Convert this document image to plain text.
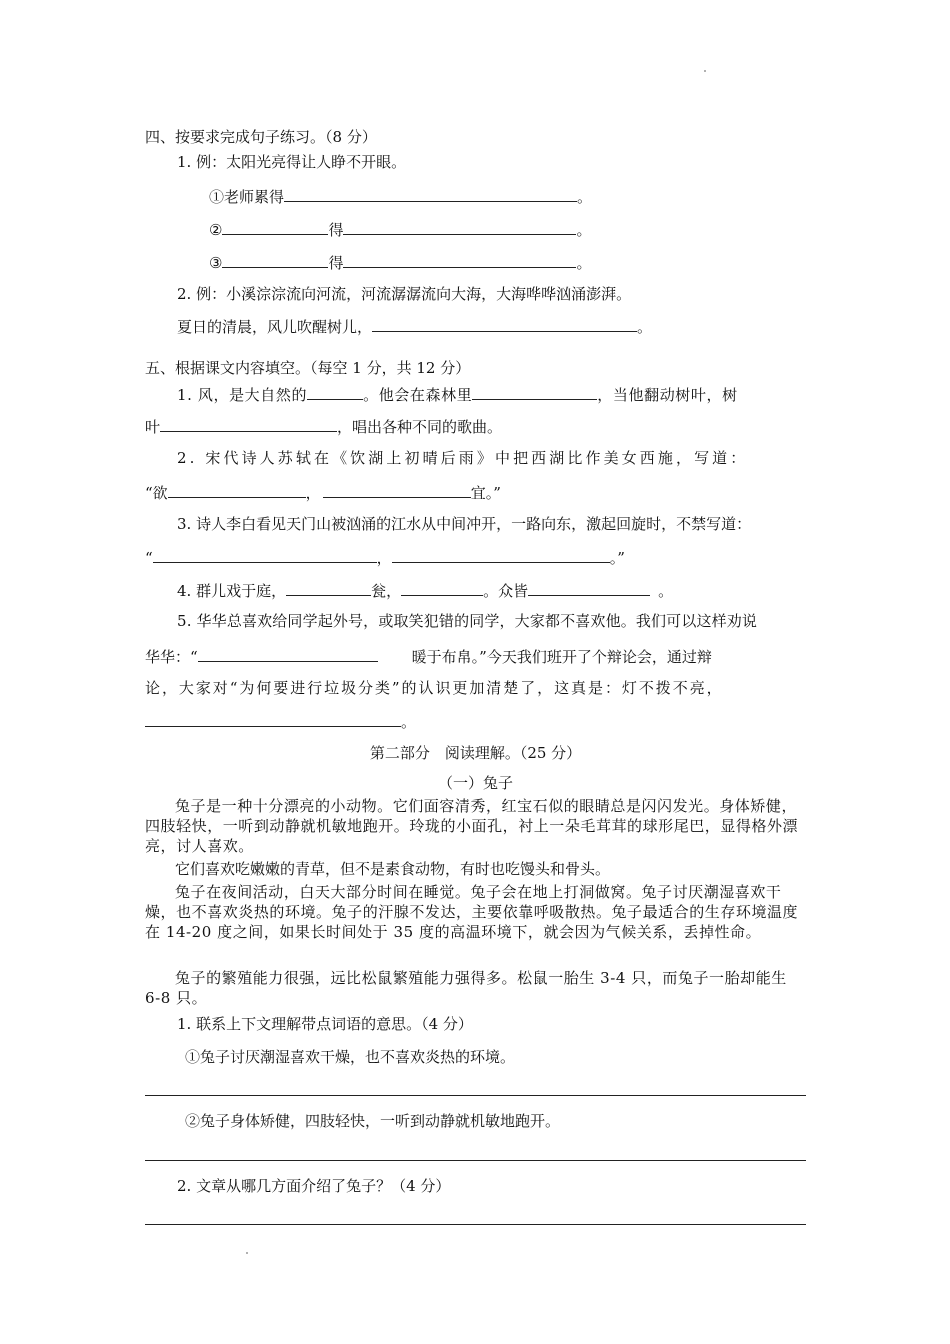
四、按要求完成句子练习。（8 分）
1. 例：太阳光亮得让人睁不开眼。
①老师累得	。
②	得	。
③	得	。
2. 例：小溪淙淙流向河流，河流潺潺流向大海，大海哗哗汹涌澎湃。
夏日的清晨，风儿吹醒树儿，	。
五、根据课文内容填空。（每空 1 分，共 12 分）
1. 风，是大自然的	。他会在森林里	，当他翻动树叶，树
叶	，唱出各种不同的歌曲。
2. 宋代诗人苏轼在《饮湖上初晴后雨》中把西湖比作美女西施，写道：
“欲	，	宜。”
3. 诗人李白看见天门山被汹涌的江水从中间冲开，一路向东，激起回旋时，不禁写道：
“	，	。”
4. 群儿戏于庭，	瓮，	。众皆	。
5. 华华总喜欢给同学起外号，或取笑犯错的同学，大家都不喜欢他。我们可以这样劝说
华华：“	暖于布帛。”今天我们班开了个辩论会，通过辩
论，大家对“为何要进行垃圾分类”的认识更加清楚了，这真是：灯不拨不亮，
。
第二部分　阅读理解。（25 分）
（一）兔子
兔子是一种十分漂亮的小动物。它们面容清秀，红宝石似的眼睛总是闪闪发光。身体矫健，四肢轻快，一听到动静就机敏地跑开。玲珑的小面孔，衬上一朵毛茸茸的球形尾巴，显得格外漂亮，讨人喜欢。
它们喜欢吃嫩嫩的青草，但不是素食动物，有时也吃馒头和骨头。
兔子在夜间活动，白天大部分时间在睡觉。兔子会在地上打洞做窝。兔子讨厌潮湿喜欢干燥，也不喜欢炎热的环境。兔子的汗腺不发达，主要依靠呼吸散热。兔子最适合的生存环境温度在 14-20 度之间，如果长时间处于 35 度的高温环境下，就会因为气候关系，丢掉性命。
兔子的繁殖能力很强，远比松鼠繁殖能力强得多。松鼠一胎生 3-4 只，而兔子一胎却能生 6-8 只。
1. 联系上下文理解带点词语的意思。（4 分）
①兔子讨厌潮湿喜欢干燥，也不喜欢炎热的环境。
②兔子身体矫健，四肢轻快，一听到动静就机敏地跑开。
2. 文章从哪几方面介绍了兔子？（4 分）
